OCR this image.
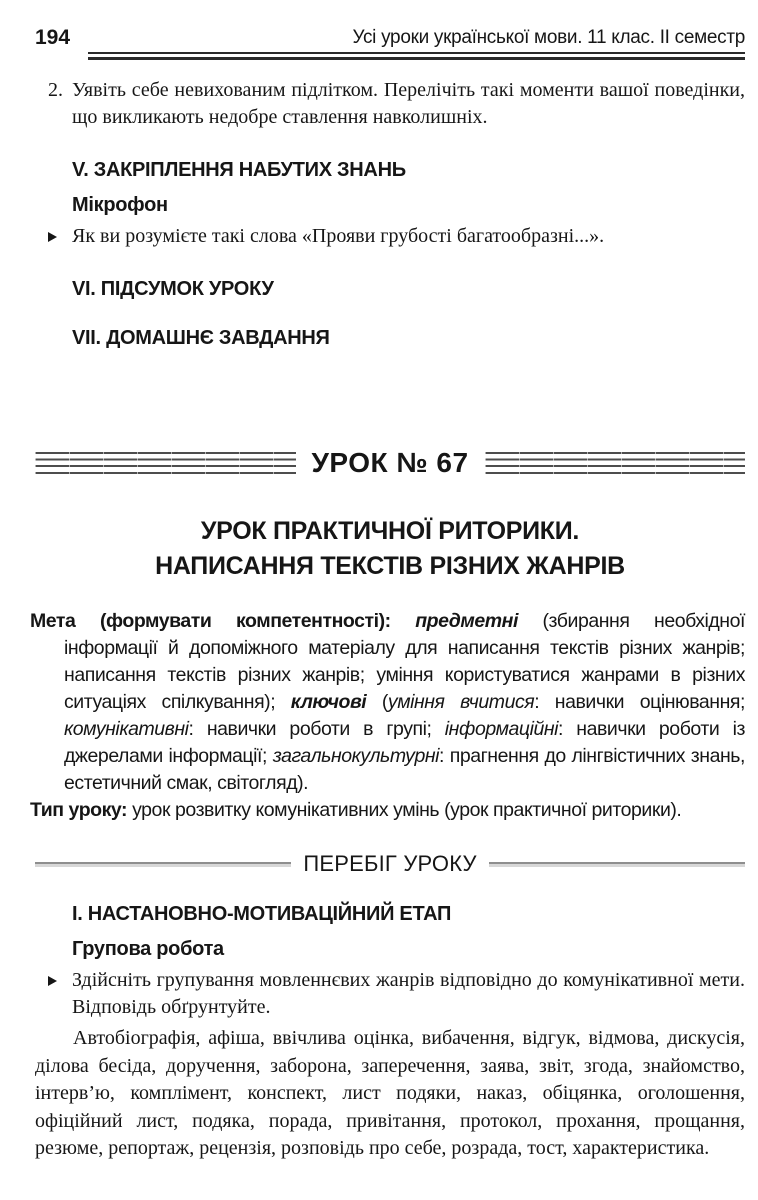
194	Усі уроки української мови. 11 клас. II семестр
2. Уявіть себе невихованим підлітком. Перелічіть такі моменти вашої поведінки, що викликають недобре ставлення навколишніх.
V. ЗАКРІПЛЕННЯ НАБУТИХ ЗНАНЬ
Мікрофон
Як ви розумієте такі слова «Прояви грубості багатообразні...».
VI. ПІДСУМОК УРОКУ
VII. ДОМАШНЄ ЗАВДАННЯ
УРОК № 67
УРОК ПРАКТИЧНОЇ РИТОРИКИ.
НАПИСАННЯ ТЕКСТІВ РІЗНИХ ЖАНРІВ
Мета (формувати компетентності): предметні (збирання необхідної інформації й допоміжного матеріалу для написання текстів різних жанрів; написання текстів різних жанрів; уміння користуватися жанрами в різних ситуаціях спілкування); ключові (уміння вчитися: навички оцінювання; комунікативні: навички роботи в групі; інформаційні: навички роботи із джерелами інформації; загальнокультурні: прагнення до лінгвістичних знань, естетичний смак, світогляд).
Тип уроку: урок розвитку комунікативних умінь (урок практичної риторики).
ПЕРЕБІГ УРОКУ
І. НАСТАНОВНО-МОТИВАЦІЙНИЙ ЕТАП
Групова робота
Здійсніть групування мовленнєвих жанрів відповідно до комунікативної мети. Відповідь обґрунтуйте.
Автобіографія, афіша, ввічлива оцінка, вибачення, відгук, відмова, дискусія, ділова бесіда, доручення, заборона, заперечення, заява, звіт, згода, знайомство, інтерв’ю, комплімент, конспект, лист подяки, наказ, обіцянка, оголошення, офіційний лист, подяка, порада, привітання, протокол, прохання, прощання, резюме, репортаж, рецензія, розповідь про себе, розрада, тост, характеристика.
